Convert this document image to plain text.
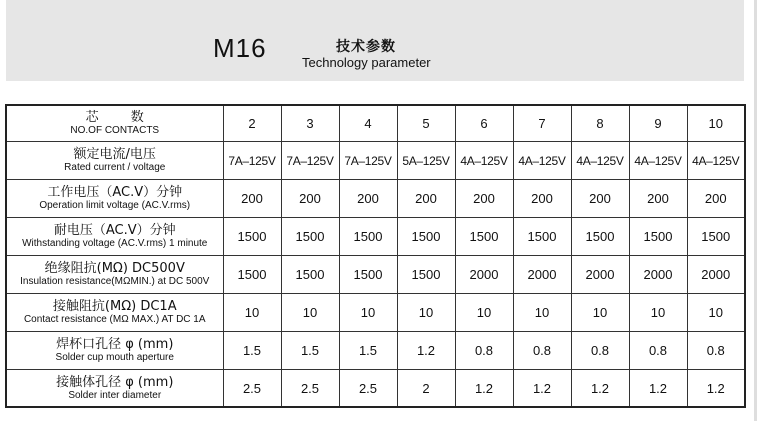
M16	技术参数
Technology parameter
芯 数
NO.OF CONTACTS	2	3	4	5	6	7	8	9	10

额定电流/电压
Rated current / voltage	7A–125V	7A–125V	7A–125V	5A–125V	4A–125V	4A–125V	4A–125V	4A–125V	4A–125V

工作电压（AC.V）分钟
Operation limit voltage (AC.V.rms)	200	200	200	200	200	200	200	200	200

耐电压（AC.V）分钟
Withstanding voltage (AC.V.rms) 1 minute	1500	1500	1500	1500	1500	1500	1500	1500	1500

绝缘阻抗(MΩ) DC500V
Insulation resistance(MΩMIN.) at DC 500V	1500	1500	1500	1500	2000	2000	2000	2000	2000

接触阻抗(MΩ) DC1A
Contact resistance (MΩ MAX.) AT DC 1A	10	10	10	10	10	10	10	10	10

焊杯口孔径 φ (mm)
Solder cup mouth aperture	1.5	1.5	1.5	1.2	0.8	0.8	0.8	0.8	0.8

接触体孔径 φ (mm)
Solder inter diameter	2.5	2.5	2.5	2	1.2	1.2	1.2	1.2	1.2
